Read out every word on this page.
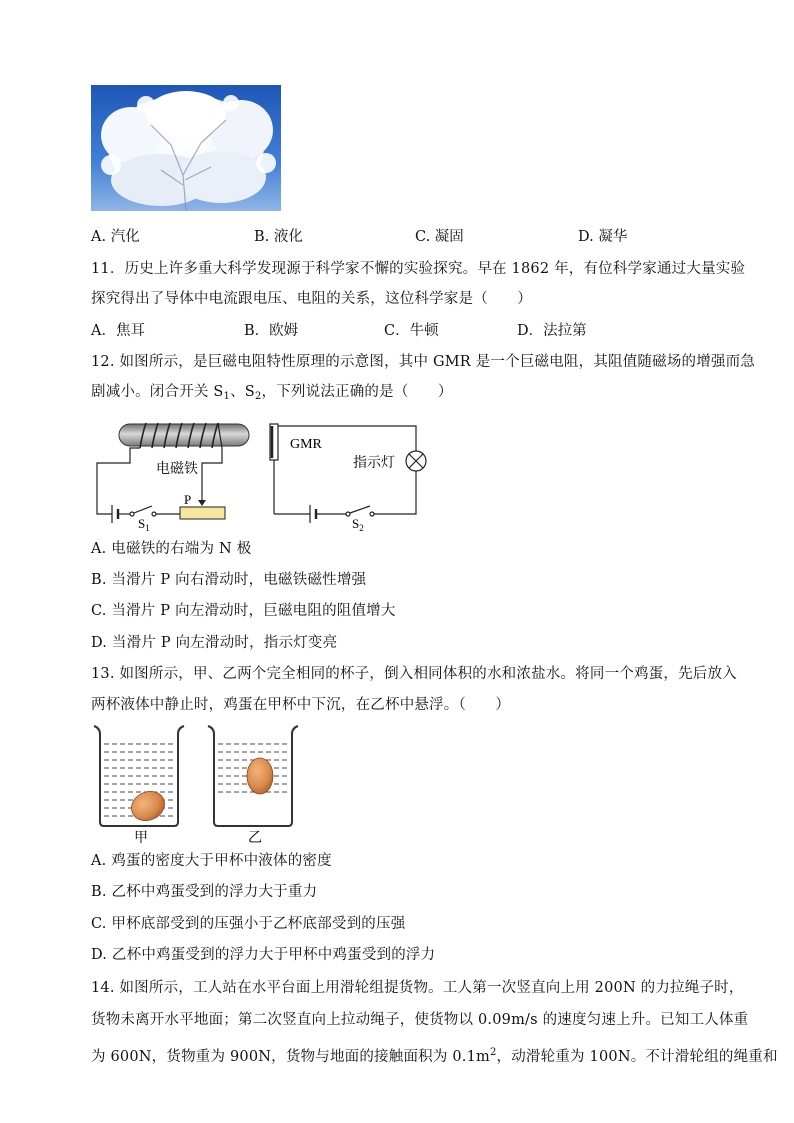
A. 汽化	B. 液化	C. 凝固	D. 凝华
11．历史上许多重大科学发现源于科学家不懈的实验探究。早在 1862 年，有位科学家通过大量实验
探究得出了导体中电流跟电压、电阻的关系，这位科学家是（　　）
A．焦耳	B．欧姆	C．牛顿	D．法拉第
12. 如图所示，是巨磁电阻特性原理的示意图，其中 GMR 是一个巨磁电阻，其阻值随磁场的增强而急
剧减小。闭合开关 $S_1$、$S_2$，下列说法正确的是（　　）
电磁铁
P
$S_1$
GMR
指示灯
$S_2$
A. 电磁铁的右端为 N 极
B. 当滑片 P 向右滑动时，电磁铁磁性增强
C. 当滑片 P 向左滑动时，巨磁电阻的阻值增大
D. 当滑片 P 向左滑动时，指示灯变亮
13. 如图所示，甲、乙两个完全相同的杯子，倒入相同体积的水和浓盐水。将同一个鸡蛋，先后放入
两杯液体中静止时，鸡蛋在甲杯中下沉，在乙杯中悬浮。（　　）
甲	乙
A. 鸡蛋的密度大于甲杯中液体的密度
B. 乙杯中鸡蛋受到的浮力大于重力
C. 甲杯底部受到的压强小于乙杯底部受到的压强
D. 乙杯中鸡蛋受到的浮力大于甲杯中鸡蛋受到的浮力
14. 如图所示，工人站在水平台面上用滑轮组提货物。工人第一次竖直向上用 200N 的力拉绳子时，
货物未离开水平地面；第二次竖直向上拉动绳子，使货物以 0.09m/s 的速度匀速上升。已知工人体重
为 600N，货物重为 900N，货物与地面的接触面积为 $0.1m^2$，动滑轮重为 100N。不计滑轮组的绳重和
